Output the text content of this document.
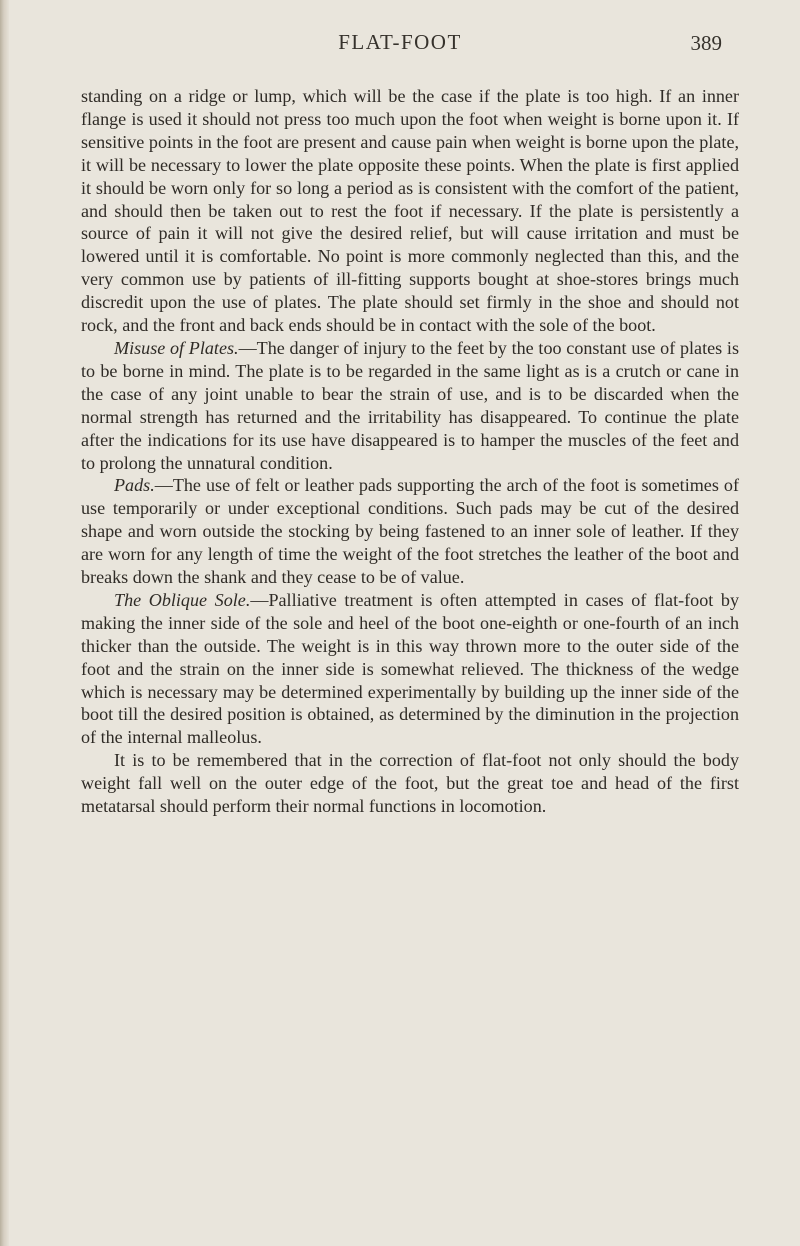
FLAT-FOOT	389

standing on a ridge or lump, which will be the case if the plate is too high. If an inner flange is used it should not press too much upon the foot when weight is borne upon it. If sensitive points in the foot are present and cause pain when weight is borne upon the plate, it will be necessary to lower the plate opposite these points. When the plate is first applied it should be worn only for so long a period as is consistent with the comfort of the patient, and should then be taken out to rest the foot if necessary. If the plate is persistently a source of pain it will not give the desired relief, but will cause irritation and must be lowered until it is comfortable. No point is more commonly neglected than this, and the very common use by patients of ill-fitting supports bought at shoe-stores brings much discredit upon the use of plates. The plate should set firmly in the shoe and should not rock, and the front and back ends should be in contact with the sole of the boot.

Misuse of Plates.—The danger of injury to the feet by the too constant use of plates is to be borne in mind. The plate is to be regarded in the same light as is a crutch or cane in the case of any joint unable to bear the strain of use, and is to be discarded when the normal strength has returned and the irritability has disappeared. To continue the plate after the indications for its use have disappeared is to hamper the muscles of the feet and to prolong the unnatural condition.

Pads.—The use of felt or leather pads supporting the arch of the foot is sometimes of use temporarily or under exceptional conditions. Such pads may be cut of the desired shape and worn outside the stocking by being fastened to an inner sole of leather. If they are worn for any length of time the weight of the foot stretches the leather of the boot and breaks down the shank and they cease to be of value.

The Oblique Sole.—Palliative treatment is often attempted in cases of flat-foot by making the inner side of the sole and heel of the boot one-eighth or one-fourth of an inch thicker than the outside. The weight is in this way thrown more to the outer side of the foot and the strain on the inner side is somewhat relieved. The thickness of the wedge which is necessary may be determined experimentally by building up the inner side of the boot till the desired position is obtained, as determined by the diminution in the projection of the internal malleolus.

It is to be remembered that in the correction of flat-foot not only should the body weight fall well on the outer edge of the foot, but the great toe and head of the first metatarsal should perform their normal functions in locomotion.
